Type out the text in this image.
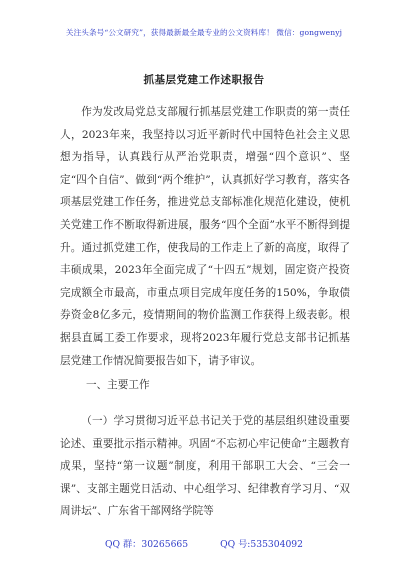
关注头条号“公文研究”，获得最新最全最专业的公文资料库！ 微信：gongwenyj
抓基层党建工作述职报告

作为发改局党总支部履行抓基层党建工作职责的第一责任人，2023年来，我坚持以习近平新时代中国特色社会主义思想为指导，认真践行从严治党职责，增强“四个意识”、坚定“四个自信”、做到“两个维护”，认真抓好学习教育，落实各项基层党建工作任务，推进党总支部标准化规范化建设，使机关党建工作不断取得新进展，服务“四个全面”水平不断得到提升。通过抓党建工作，使我局的工作走上了新的高度，取得了丰硕成果，2023年全面完成了“十四五”规划，固定资产投资完成额全市最高，市重点项目完成年度任务的150%，争取债券资金8亿多元，疫情期间的物价监测工作获得上级表彰。根据县直属工委工作要求，现将2023年履行党总支部书记抓基层党建工作情况简要报告如下，请予审议。

一、主要工作

（一）学习贯彻习近平总书记关于党的基层组织建设重要论述、重要批示指示精神。巩固“不忘初心牢记使命”主题教育成果，坚持“第一议题”制度，利用干部职工大会、“三会一课”、支部主题党日活动、中心组学习、纪律教育学习月、“双周讲坛”、广东省干部网络学院等

QQ 群：30265665	QQ 号:535304092
